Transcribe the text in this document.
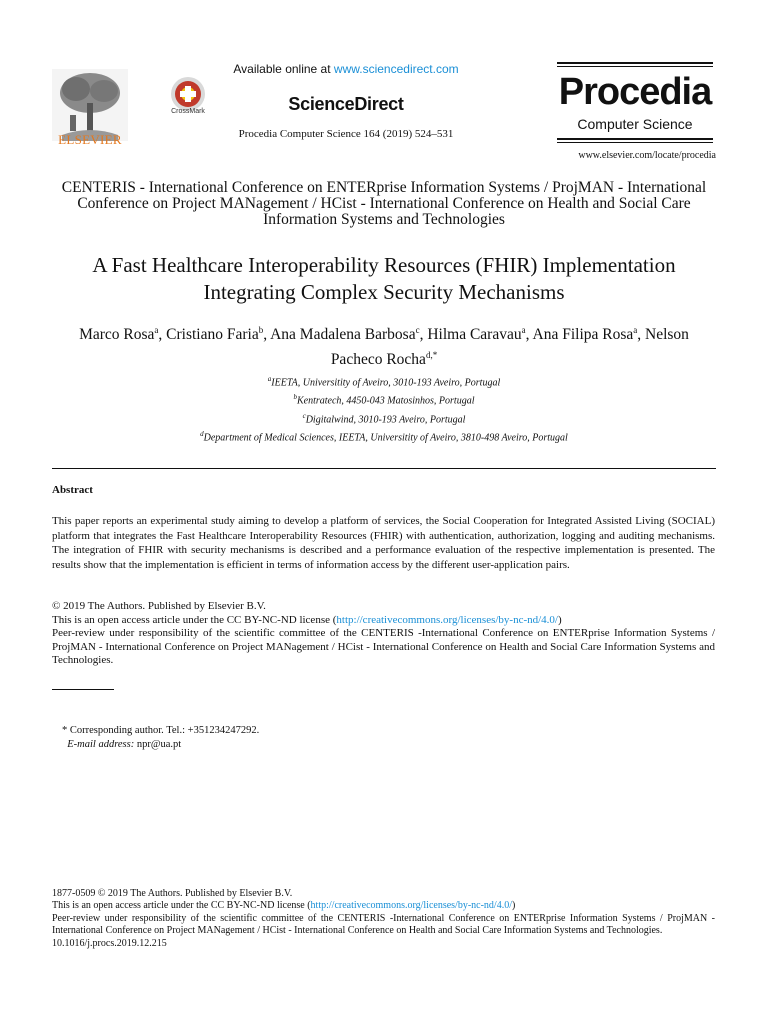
ELSEVIER
CrossMark
Available online at www.sciencedirect.com
ScienceDirect
Procedia Computer Science 164 (2019) 524–531
Procedia
Computer Science
www.elsevier.com/locate/procedia
CENTERIS - International Conference on ENTERprise Information Systems / ProjMAN - International Conference on Project MANagement / HCist - International Conference on Health and Social Care Information Systems and Technologies
A Fast Healthcare Interoperability Resources (FHIR) Implementation Integrating Complex Security Mechanisms
Marco Rosa$^a$, Cristiano Faria$^b$, Ana Madalena Barbosa$^c$, Hilma Caravau$^a$, Ana Filipa Rosa$^a$, Nelson Pacheco Rocha$^{d,*}$
$^a$IEETA, Universitity of Aveiro, 3010-193 Aveiro, Portugal
$^b$Kentratech, 4450-043 Matosinhos, Portugal
$^c$Digitalwind, 3010-193 Aveiro, Portugal
$^d$Department of Medical Sciences, IEETA, Universitity of Aveiro, 3810-498 Aveiro, Portugal
Abstract
This paper reports an experimental study aiming to develop a platform of services, the Social Cooperation for Integrated Assisted Living (SOCIAL) platform that integrates the Fast Healthcare Interoperability Resources (FHIR) with authentication, authorization, logging and auditing mechanisms. The integration of FHIR with security mechanisms is described and a performance evaluation of the respective implementation is presented. The results show that the implementation is efficient in terms of information access by the different user-application pairs.
© 2019 The Authors. Published by Elsevier B.V.
This is an open access article under the CC BY-NC-ND license (http://creativecommons.org/licenses/by-nc-nd/4.0/)
Peer-review under responsibility of the scientific committee of the CENTERIS -International Conference on ENTERprise Information Systems / ProjMAN - International Conference on Project MANagement / HCist - International Conference on Health and Social Care Information Systems and Technologies.
* Corresponding author. Tel.: +351234247292.
E-mail address: npr@ua.pt
1877-0509 © 2019 The Authors. Published by Elsevier B.V.
This is an open access article under the CC BY-NC-ND license (http://creativecommons.org/licenses/by-nc-nd/4.0/)
Peer-review under responsibility of the scientific committee of the CENTERIS -International Conference on ENTERprise Information Systems / ProjMAN - International Conference on Project MANagement / HCist - International Conference on Health and Social Care Information Systems and Technologies.
10.1016/j.procs.2019.12.215
